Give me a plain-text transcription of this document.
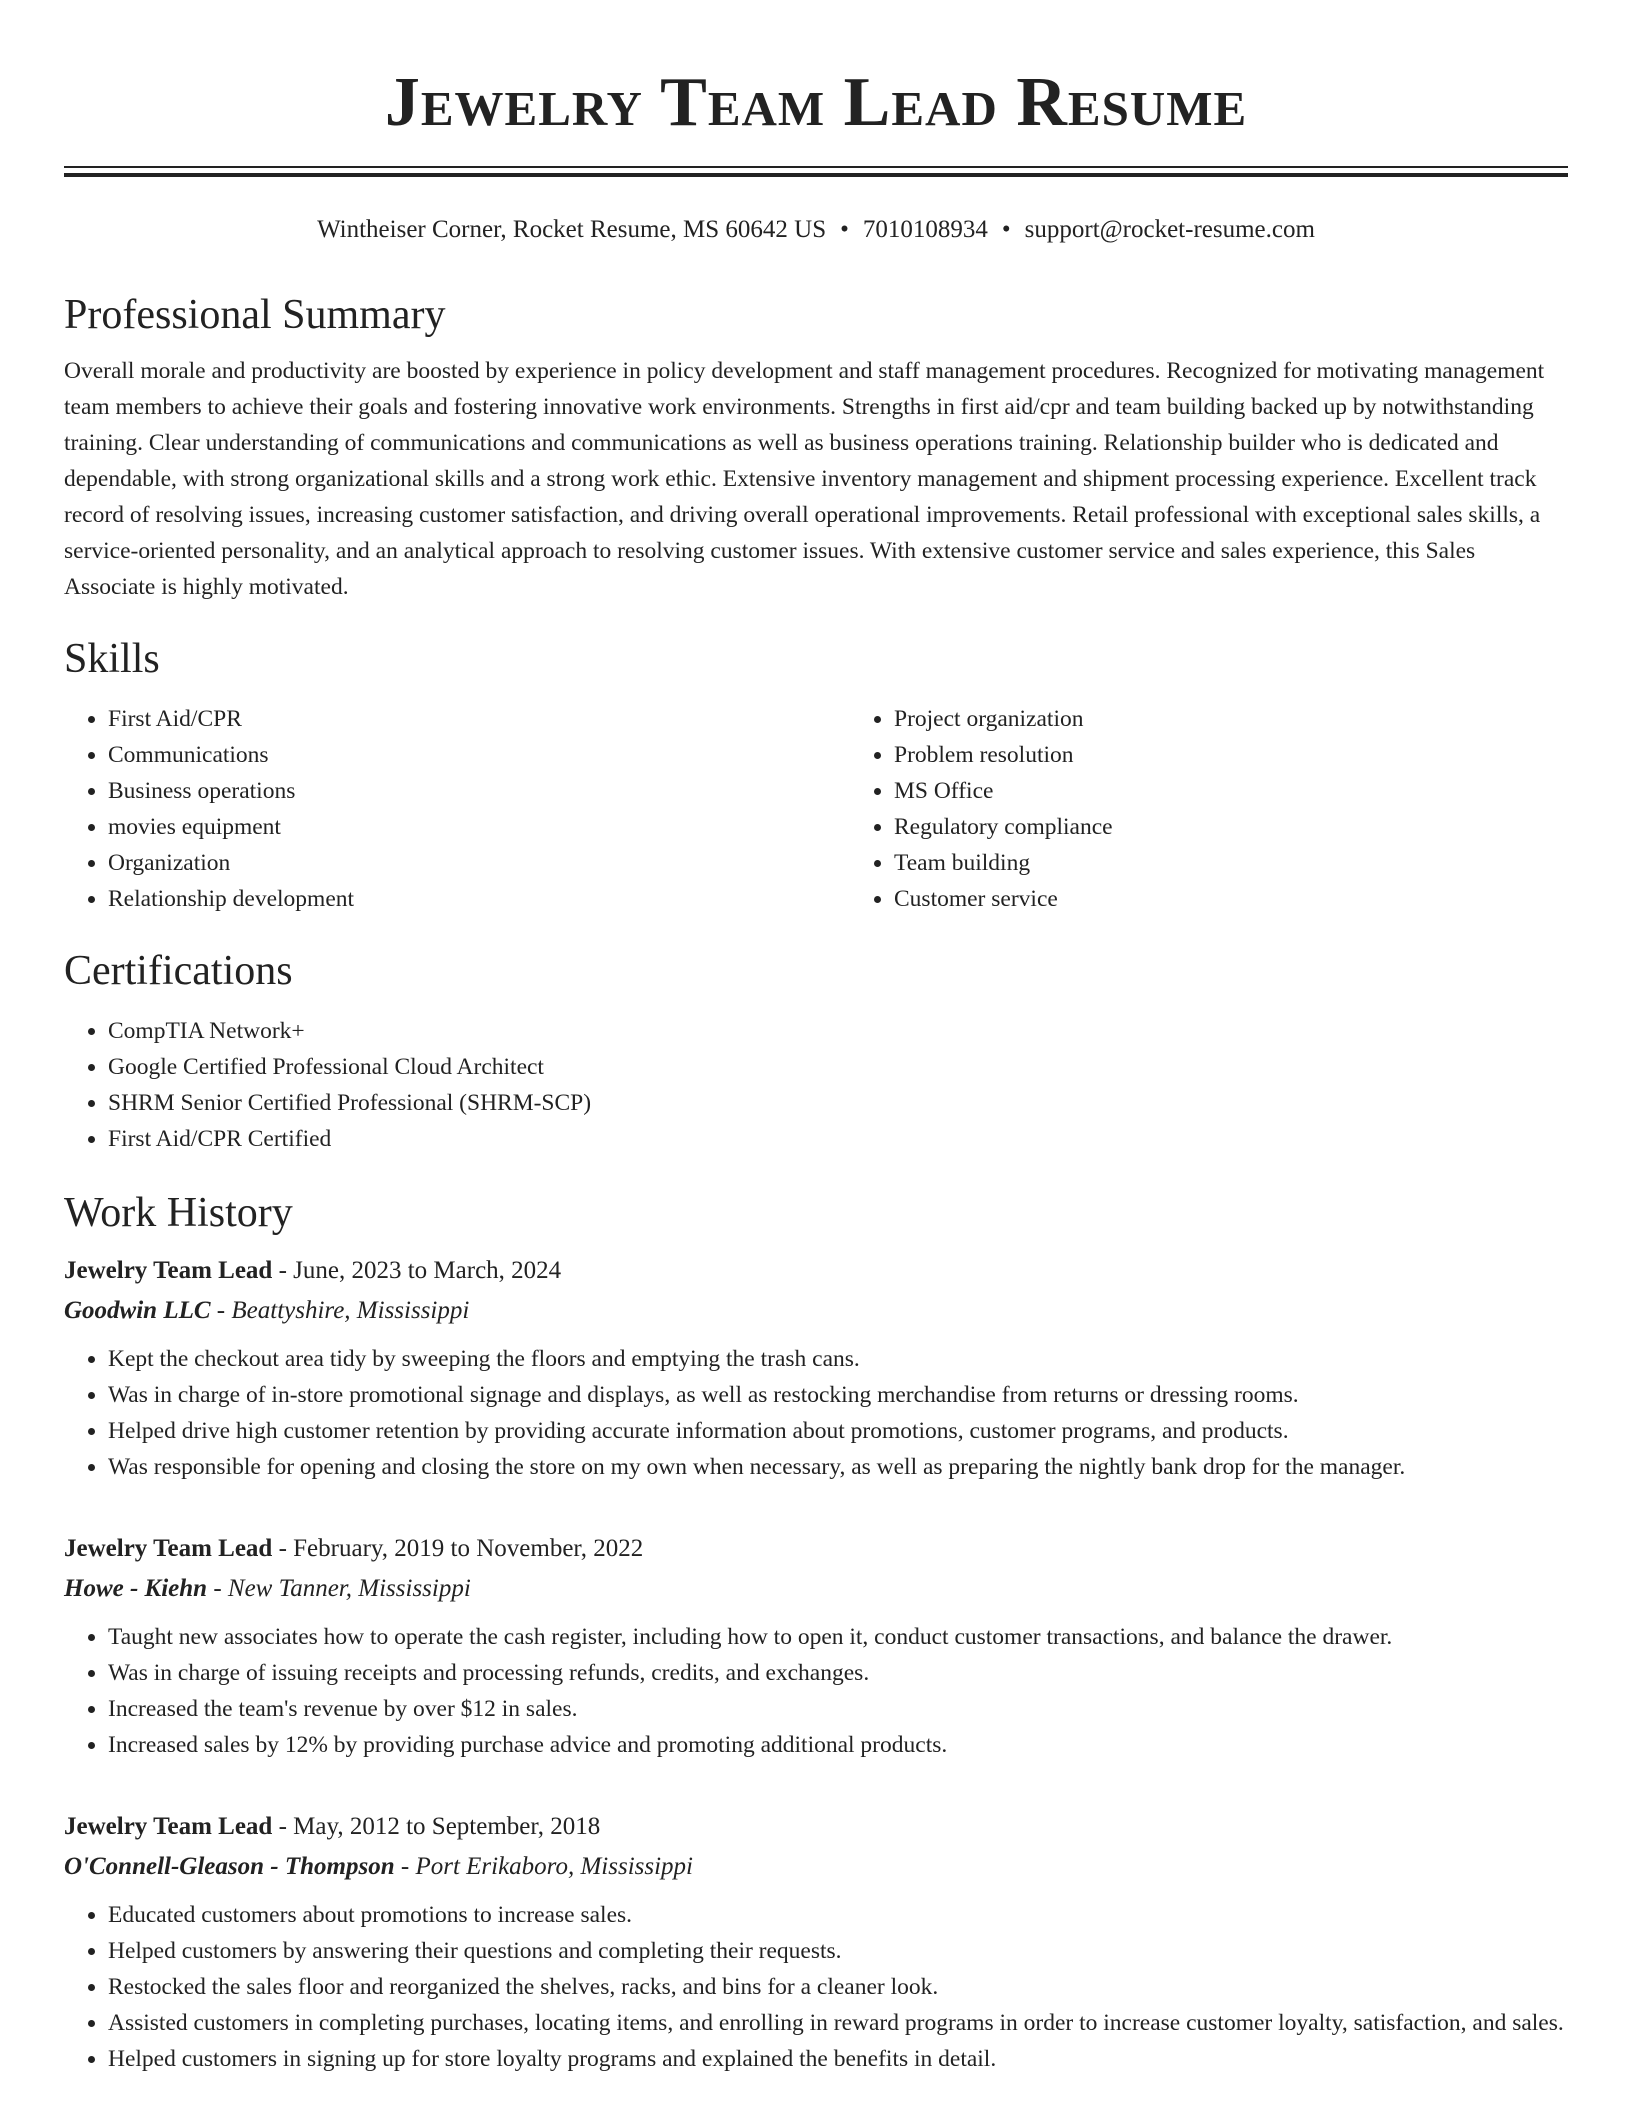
Jewelry Team Lead Resume
Wintheiser Corner, Rocket Resume, MS 60642 US • 7010108934 • support@rocket-resume.com
Professional Summary

Overall morale and productivity are boosted by experience in policy development and staff management procedures. Recognized for motivating management team members to achieve their goals and fostering innovative work environments. Strengths in first aid/cpr and team building backed up by notwithstanding training. Clear understanding of communications and communications as well as business operations training. Relationship builder who is dedicated and dependable, with strong organizational skills and a strong work ethic. Extensive inventory management and shipment processing experience. Excellent track record of resolving issues, increasing customer satisfaction, and driving overall operational improvements. Retail professional with exceptional sales skills, a service-oriented personality, and an analytical approach to resolving customer issues. With extensive customer service and sales experience, this Sales Associate is highly motivated.

Skills
• First Aid/CPR
• Communications
• Business operations
• movies equipment
• Organization
• Relationship development
• Project organization
• Problem resolution
• MS Office
• Regulatory compliance
• Team building
• Customer service
Certifications
• CompTIA Network+
• Google Certified Professional Cloud Architect
• SHRM Senior Certified Professional (SHRM-SCP)
• First Aid/CPR Certified
Work History
Jewelry Team Lead - June, 2023 to March, 2024
Goodwin LLC - Beattyshire, Mississippi
• Kept the checkout area tidy by sweeping the floors and emptying the trash cans.
• Was in charge of in-store promotional signage and displays, as well as restocking merchandise from returns or dressing rooms.
• Helped drive high customer retention by providing accurate information about promotions, customer programs, and products.
• Was responsible for opening and closing the store on my own when necessary, as well as preparing the nightly bank drop for the manager.
Jewelry Team Lead - February, 2019 to November, 2022
Howe - Kiehn - New Tanner, Mississippi
• Taught new associates how to operate the cash register, including how to open it, conduct customer transactions, and balance the drawer.
• Was in charge of issuing receipts and processing refunds, credits, and exchanges.
• Increased the team's revenue by over $12 in sales.
• Increased sales by 12% by providing purchase advice and promoting additional products.
Jewelry Team Lead - May, 2012 to September, 2018
O'Connell-Gleason - Thompson - Port Erikaboro, Mississippi
• Educated customers about promotions to increase sales.
• Helped customers by answering their questions and completing their requests.
• Restocked the sales floor and reorganized the shelves, racks, and bins for a cleaner look.
• Assisted customers in completing purchases, locating items, and enrolling in reward programs in order to increase customer loyalty, satisfaction, and sales.
• Helped customers in signing up for store loyalty programs and explained the benefits in detail.
